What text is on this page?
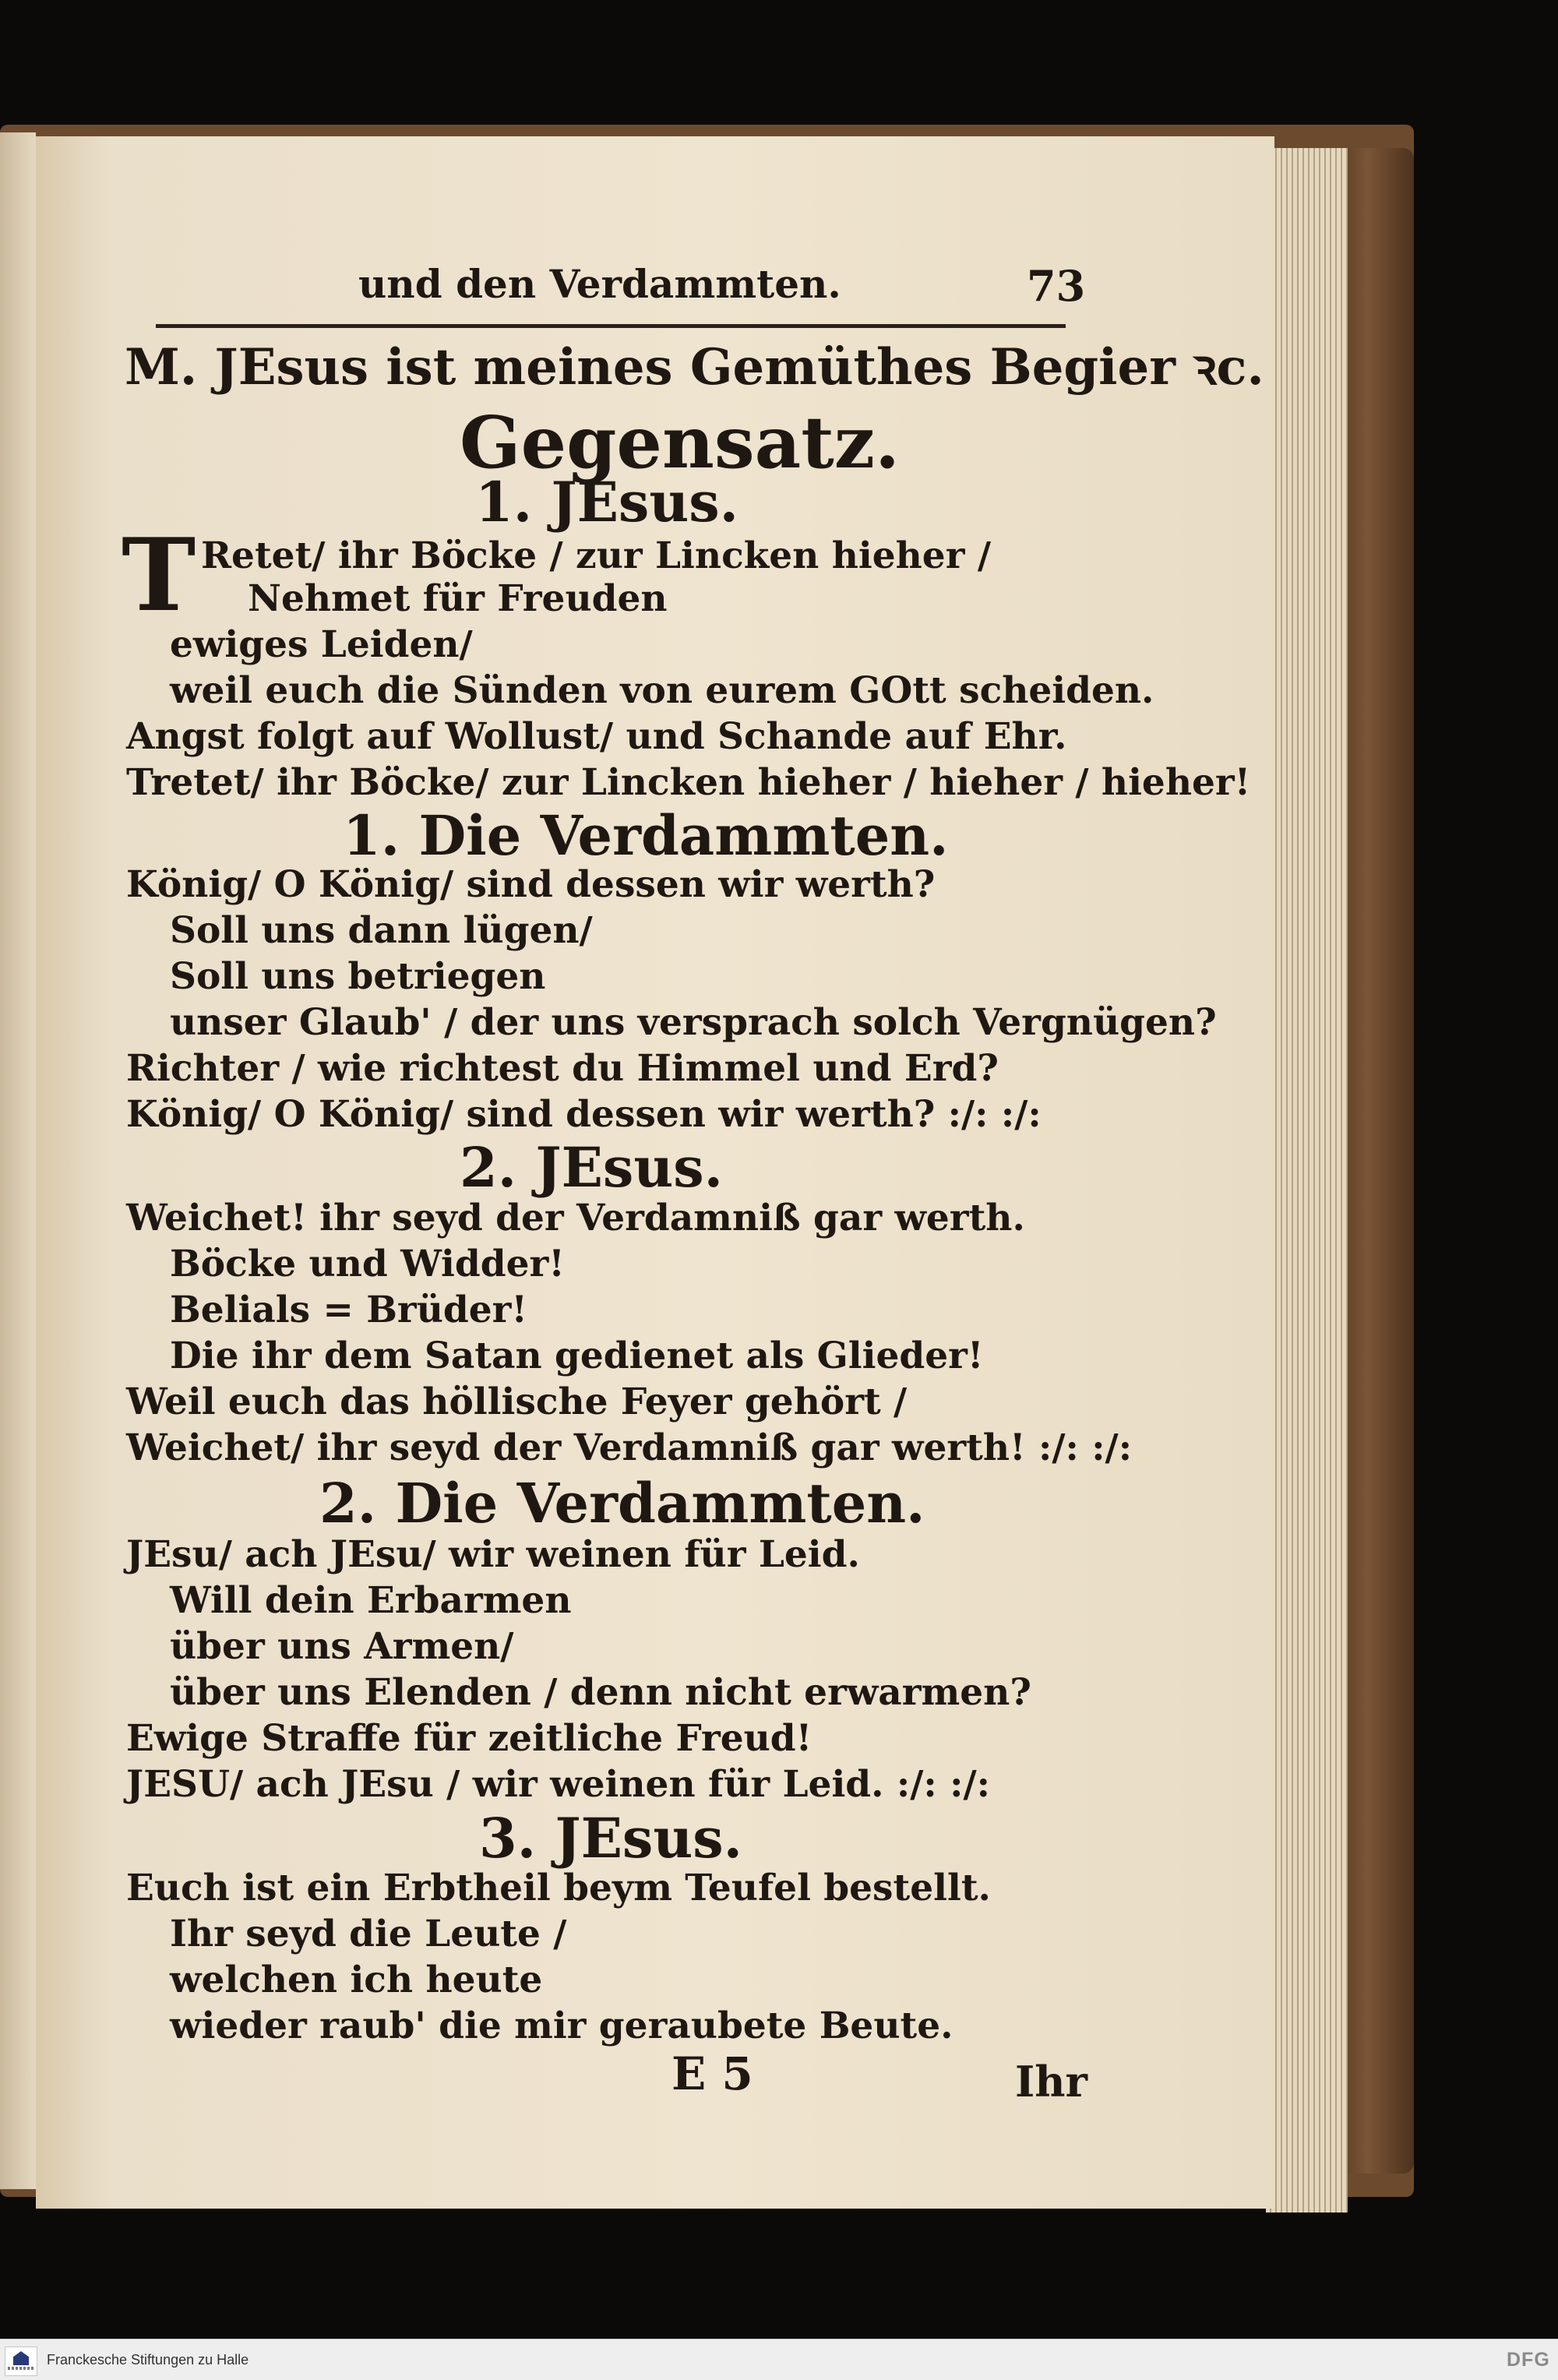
und den Verdammten.	73
M. JEsus ist meines Gemüthes Begier ꝛc.
Gegensatz.
1. JEsus.
T Retet/ ihr Böcke / zur Lincken hieher /
Nehmet für Freuden
ewiges Leiden/
weil euch die Sünden von eurem GOtt scheiden.
Angst folgt auf Wollust/ und Schande auf Ehr.
Tretet/ ihr Böcke/ zur Lincken hieher / hieher / hieher!
1. Die Verdammten.
König/ O König/ sind dessen wir werth?
Soll uns dann lügen/
Soll uns betriegen
unser Glaub' / der uns versprach solch Vergnügen?
Richter / wie richtest du Himmel und Erd?
König/ O König/ sind dessen wir werth? :/: :/:
2. JEsus.
Weichet! ihr seyd der Verdamniß gar werth.
Böcke und Widder!
Belials = Brüder!
Die ihr dem Satan gedienet als Glieder!
Weil euch das höllische Feyer gehört /
Weichet/ ihr seyd der Verdamniß gar werth! :/: :/:
2. Die Verdammten.
JEsu/ ach JEsu/ wir weinen für Leid.
Will dein Erbarmen
über uns Armen/
über uns Elenden / denn nicht erwarmen?
Ewige Straffe für zeitliche Freud!
JESU/ ach JEsu / wir weinen für Leid. :/: :/:
3. JEsus.
Euch ist ein Erbtheil beym Teufel bestellt.
Ihr seyd die Leute /
welchen ich heute
wieder raub' die mir geraubete Beute.
E 5	Ihr
Franckesche Stiftungen zu Halle	DFG
